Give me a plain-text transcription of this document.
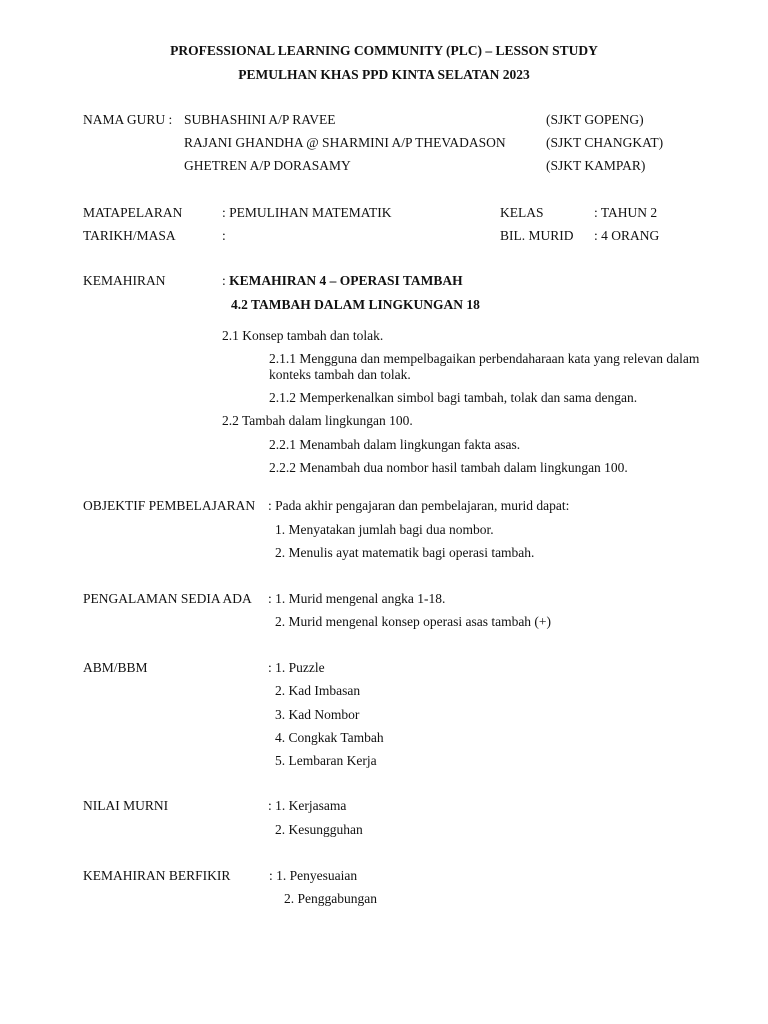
PROFESSIONAL LEARNING COMMUNITY (PLC) – LESSON STUDY
PEMULHAN KHAS PPD KINTA SELATAN 2023
NAMA GURU : SUBHASHINI A/P RAVEE	(SJKT GOPENG)
RAJANI GHANDHA @ SHARMINI A/P THEVADASON	(SJKT CHANGKAT)
GHETREN A/P DORASAMY	(SJKT KAMPAR)
MATAPELARAN	: PEMULIHAN MATEMATIK	KELAS	: TAHUN 2
TARIKH/MASA	:	BIL. MURID : 4 ORANG
KEMAHIRAN	: KEMAHIRAN 4 – OPERASI TAMBAH
4.2 TAMBAH DALAM LINGKUNGAN 18
2.1 Konsep tambah dan tolak.
2.1.1 Mengguna dan mempelbagaikan perbendaharaan kata yang relevan dalam konteks tambah dan tolak.
2.1.2 Memperkenalkan simbol bagi tambah, tolak dan sama dengan.
2.2 Tambah dalam lingkungan 100.
2.2.1 Menambah dalam lingkungan fakta asas.
2.2.2 Menambah dua nombor hasil tambah dalam lingkungan 100.
OBJEKTIF PEMBELAJARAN : Pada akhir pengajaran dan pembelajaran, murid dapat:
1. Menyatakan jumlah bagi dua nombor.
2. Menulis ayat matematik bagi operasi tambah.
PENGALAMAN SEDIA ADA : 1. Murid mengenal angka 1-18.
2. Murid mengenal konsep operasi asas tambah (+)
ABM/BBM	: 1. Puzzle
2. Kad Imbasan
3. Kad Nombor
4. Congkak Tambah
5. Lembaran Kerja
NILAI MURNI	: 1. Kerjasama
2. Kesungguhan
KEMAHIRAN BERFIKIR	: 1. Penyesuaian
2. Penggabungan
